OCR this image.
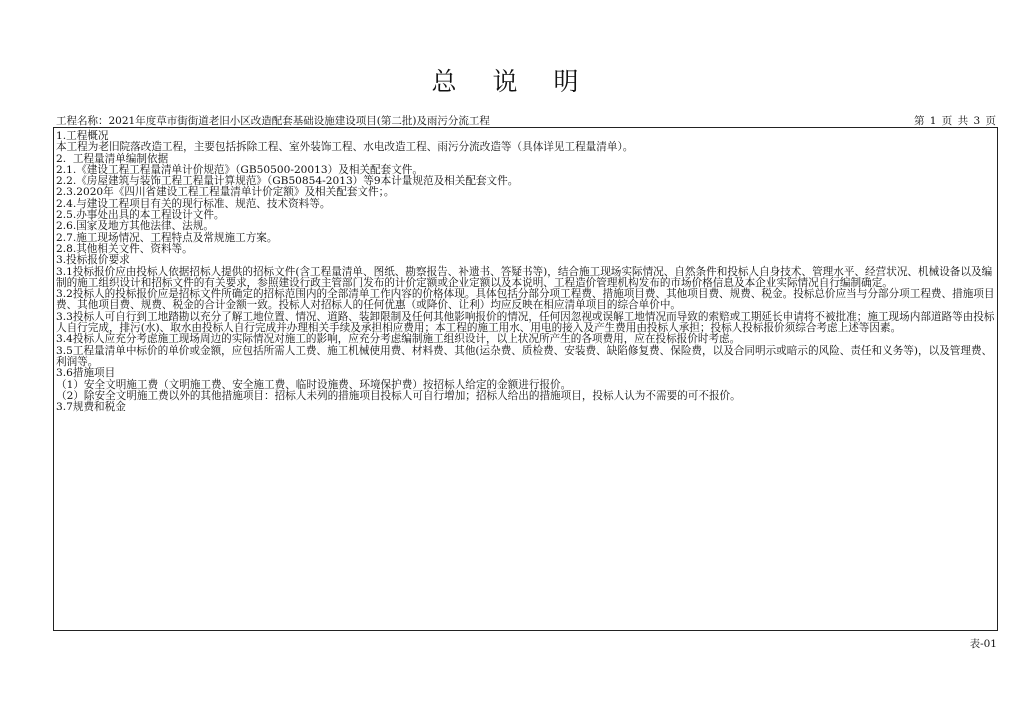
总 说 明
工程名称：2021年度草市街街道老旧小区改造配套基础设施建设项目(第二批)及雨污分流工程	第 1 页 共 3 页
1.工程概况
本工程为老旧院落改造工程，主要包括拆除工程、室外装饰工程、水电改造工程、雨污分流改造等（具体详见工程量清单）。
2.  工程量清单编制依据
2.1.《建设工程工程量清单计价规范》（GB50500-20013）及相关配套文件。
2.2.《房屋建筑与装饰工程工程量计算规范》（GB50854-2013）等9本计量规范及相关配套文件。
2.3.2020年《四川省建设工程工程量清单计价定额》及相关配套文件；。
2.4.与建设工程项目有关的现行标准、规范、技术资料等。
2.5.办事处出具的本工程设计文件。
2.6.国家及地方其他法律、法规。
2.7.施工现场情况、工程特点及常规施工方案。
2.8.其他相关文件、资料等。
3.投标报价要求
3.1投标报价应由投标人依据招标人提供的招标文件(含工程量清单、图纸、勘察报告、补遗书、答疑书等)，结合施工现场实际情况、自然条件和投标人自身技术、管理水平、经营状况、机械设备以及编制的施工组织设计和招标文件的有关要求，参照建设行政主管部门发布的计价定额或企业定额以及本说明、工程造价管理机构发布的市场价格信息及本企业实际情况自行编制确定。
3.2投标人的投标报价应是招标文件所确定的招标范围内的全部清单工作内容的价格体现。具体包括分部分项工程费、措施项目费、其他项目费、规费、税金。投标总价应当与分部分项工程费、措施项目费、其他项目费、规费、税金的合计金额一致。投标人对招标人的任何优惠（或降价、让利）均应反映在相应清单项目的综合单价中。
3.3投标人可自行到工地踏勘以充分了解工地位置、情况、道路、装卸限制及任何其他影响报价的情况，任何因忽视或误解工地情况而导致的索赔或工期延长申请将不被批准；施工现场内部道路等由投标人自行完成，排污(水)、取水由投标人自行完成并办理相关手续及承担相应费用；本工程的施工用水、用电的接入及产生费用由投标人承担；投标人投标报价须综合考虑上述等因素。
3.4投标人应充分考虑施工现场周边的实际情况对施工的影响，应充分考虑编制施工组织设计，以上状况所产生的各项费用，应在投标报价时考虑。
3.5工程量清单中标价的单价或金额，应包括所需人工费、施工机械使用费、材料费、其他(运杂费、质检费、安装费、缺陷修复费、保险费，以及合同明示或暗示的风险、责任和义务等)，以及管理费、利润等。
3.6措施项目
（1）安全文明施工费（文明施工费、安全施工费、临时设施费、环境保护费）按招标人给定的金额进行报价。
（2）除安全文明施工费以外的其他措施项目：招标人未列的措施项目投标人可自行增加；招标人给出的措施项目，投标人认为不需要的可不报价。
3.7规费和税金
表-01
